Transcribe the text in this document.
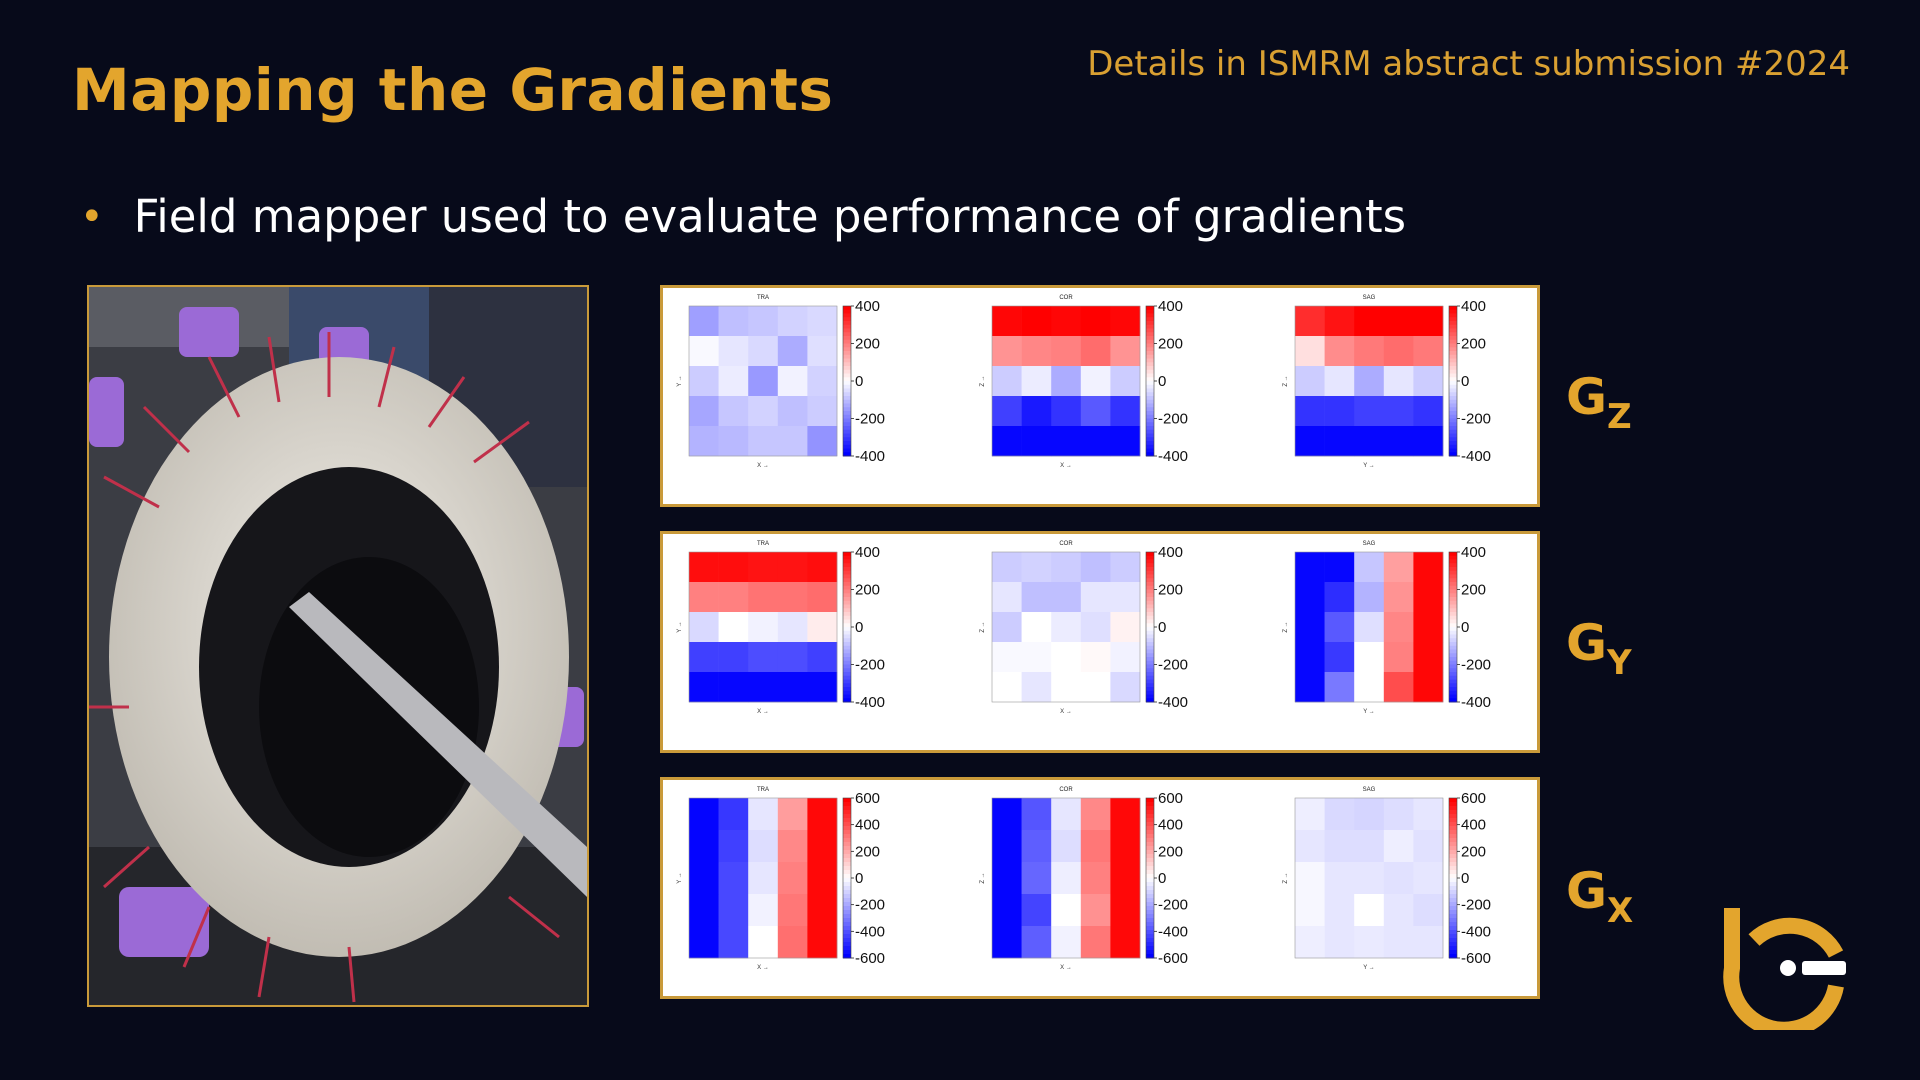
Mapping the Gradients	Details in ISMRM abstract submission #2024
• Field mapper used to evaluate performance of gradients
TRA
X →
Y →
400
200
0
-200
-400
COR
X →
Z →
400
200
0
-200
-400
SAG
Y →
Z →
400
200
0
-200
-400
$G_Z$
TRA
X →
Y →
400
200
0
-200
-400
COR
X →
Z →
400
200
0
-200
-400
SAG
Y →
Z →
400
200
0
-200
-400
$G_Y$
TRA
X →
Y →
600
400
200
0
-200
-400
-600
COR
X →
Z →
600
400
200
0
-200
-400
-600
SAG
Y →
Z →
600
400
200
0
-200
-400
-600
$G_X$
